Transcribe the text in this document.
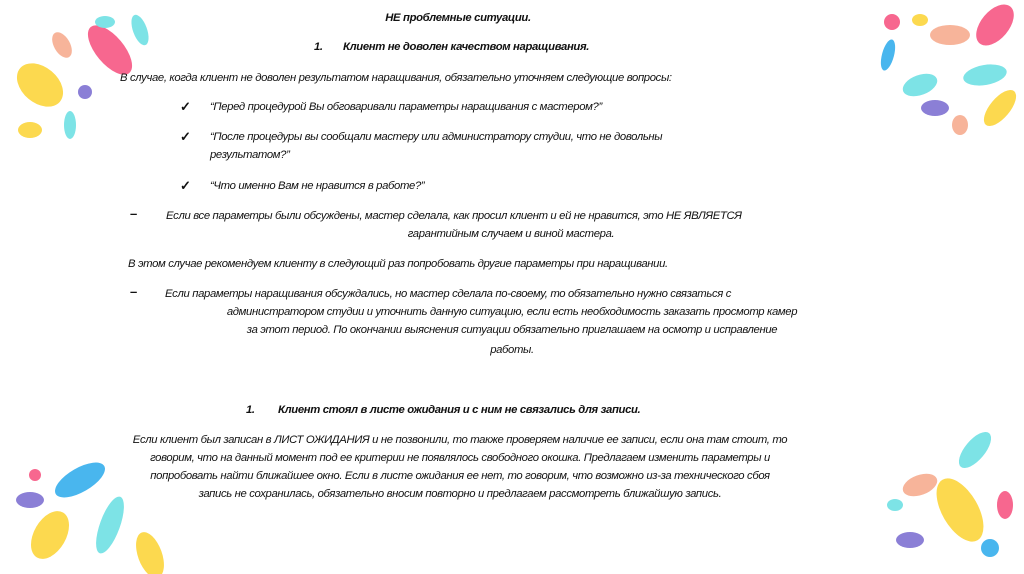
НЕ проблемные ситуации.
1. Клиент не доволен качеством наращивания.
В случае, когда клиент не доволен результатом наращивания, обязательно уточняем следующие вопросы:
✓ “Перед процедурой Вы обговаривали параметры наращивания с мастером?”
✓ “После процедуры вы сообщали мастеру или администратору студии, что не довольны
результатом?”
✓ “Что именно Вам не нравится в работе?”
–	Если все параметры были обсуждены, мастер сделала, как просил клиент и ей не нравится, это НЕ ЯВЛЯЕТСЯ
гарантийным случаем и виной мастера.
В этом случае рекомендуем клиенту в следующий раз попробовать другие параметры при наращивании.
– Если параметры наращивания обсуждались, но мастер сделала по-своему, то обязательно нужно связаться с
администратором студии и уточнить данную ситуацию, если есть необходимость заказать просмотр камер
за этот период. По окончании выяснения ситуации обязательно приглашаем на осмотр и исправление
работы.
1. Клиент стоял в листе ожидания и с ним не связались для записи.
Если клиент был записан в ЛИСТ ОЖИДАНИЯ и не позвонили, то также проверяем наличие ее записи, если она там стоит, то
говорим, что на данный момент под ее критерии не появлялось свободного окошка. Предлагаем изменить параметры и
попробовать найти ближайшее окно. Если в листе ожидания ее нет, то говорим, что возможно из-за технического сбоя
запись не сохранилась, обязательно вносим повторно и предлагаем рассмотреть ближайшую запись.
